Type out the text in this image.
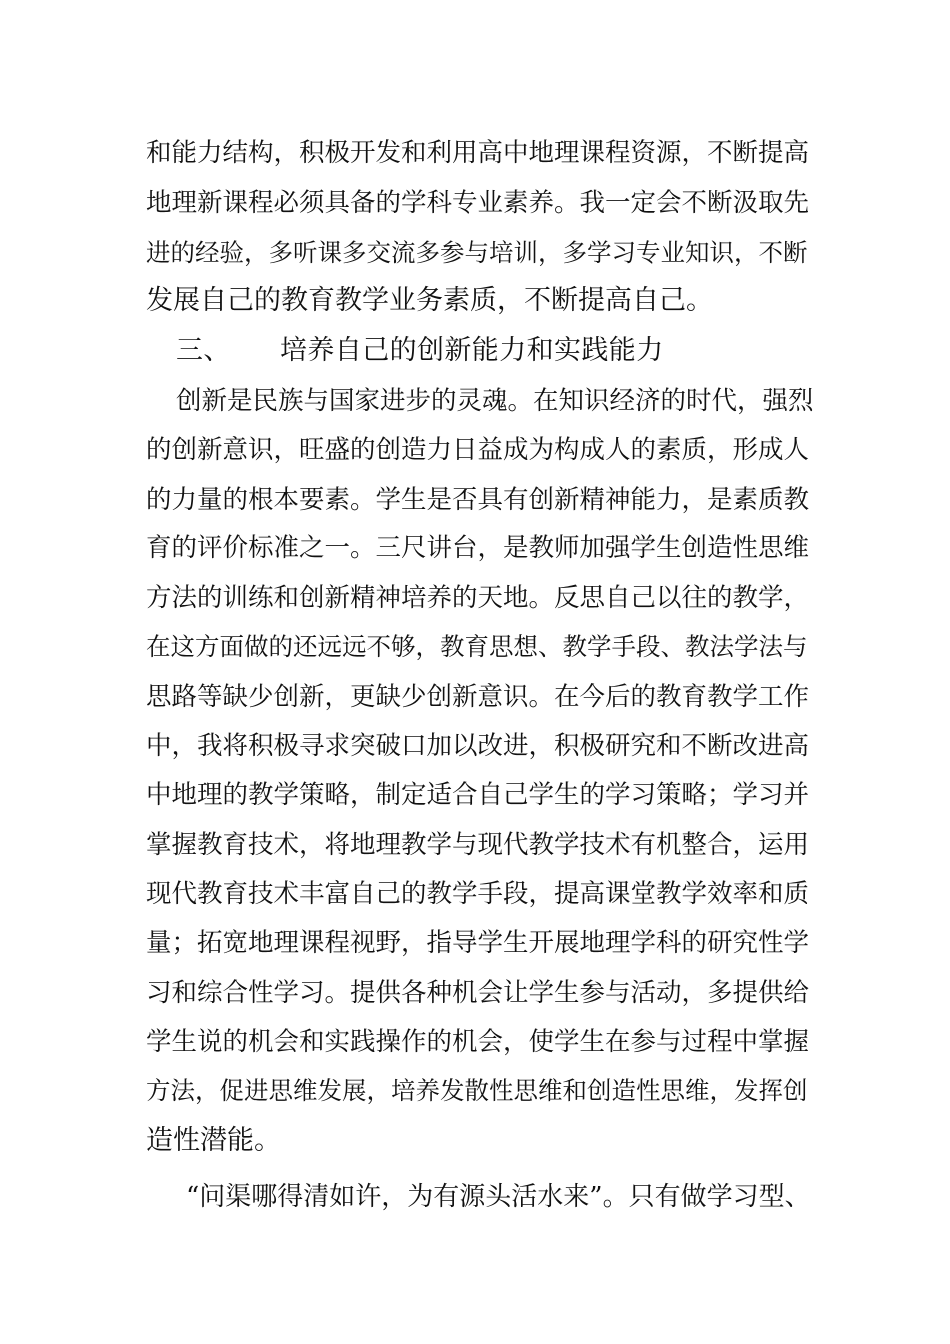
和能力结构，积极开发和利用高中地理课程资源，不断提高
地理新课程必须具备的学科专业素养。我一定会不断汲取先
进的经验，多听课多交流多参与培训，多学习专业知识，不断
发展自己的教育教学业务素质，不断提高自己。
三、 培养自己的创新能力和实践能力
创新是民族与国家进步的灵魂。在知识经济的时代，强烈
的创新意识，旺盛的创造力日益成为构成人的素质，形成人
的力量的根本要素。学生是否具有创新精神能力，是素质教
育的评价标准之一。三尺讲台，是教师加强学生创造性思维
方法的训练和创新精神培养的天地。反思自己以往的教学，
在这方面做的还远远不够，教育思想、教学手段、教法学法与
思路等缺少创新，更缺少创新意识。在今后的教育教学工作
中，我将积极寻求突破口加以改进，积极研究和不断改进高
中地理的教学策略，制定适合自己学生的学习策略；学习并
掌握教育技术，将地理教学与现代教学技术有机整合，运用
现代教育技术丰富自己的教学手段，提高课堂教学效率和质
量；拓宽地理课程视野，指导学生开展地理学科的研究性学
习和综合性学习。提供各种机会让学生参与活动，多提供给
学生说的机会和实践操作的机会，使学生在参与过程中掌握
方法，促进思维发展，培养发散性思维和创造性思维，发挥创
造性潜能。
“问渠哪得清如许，为有源头活水来”。只有做学习型、
